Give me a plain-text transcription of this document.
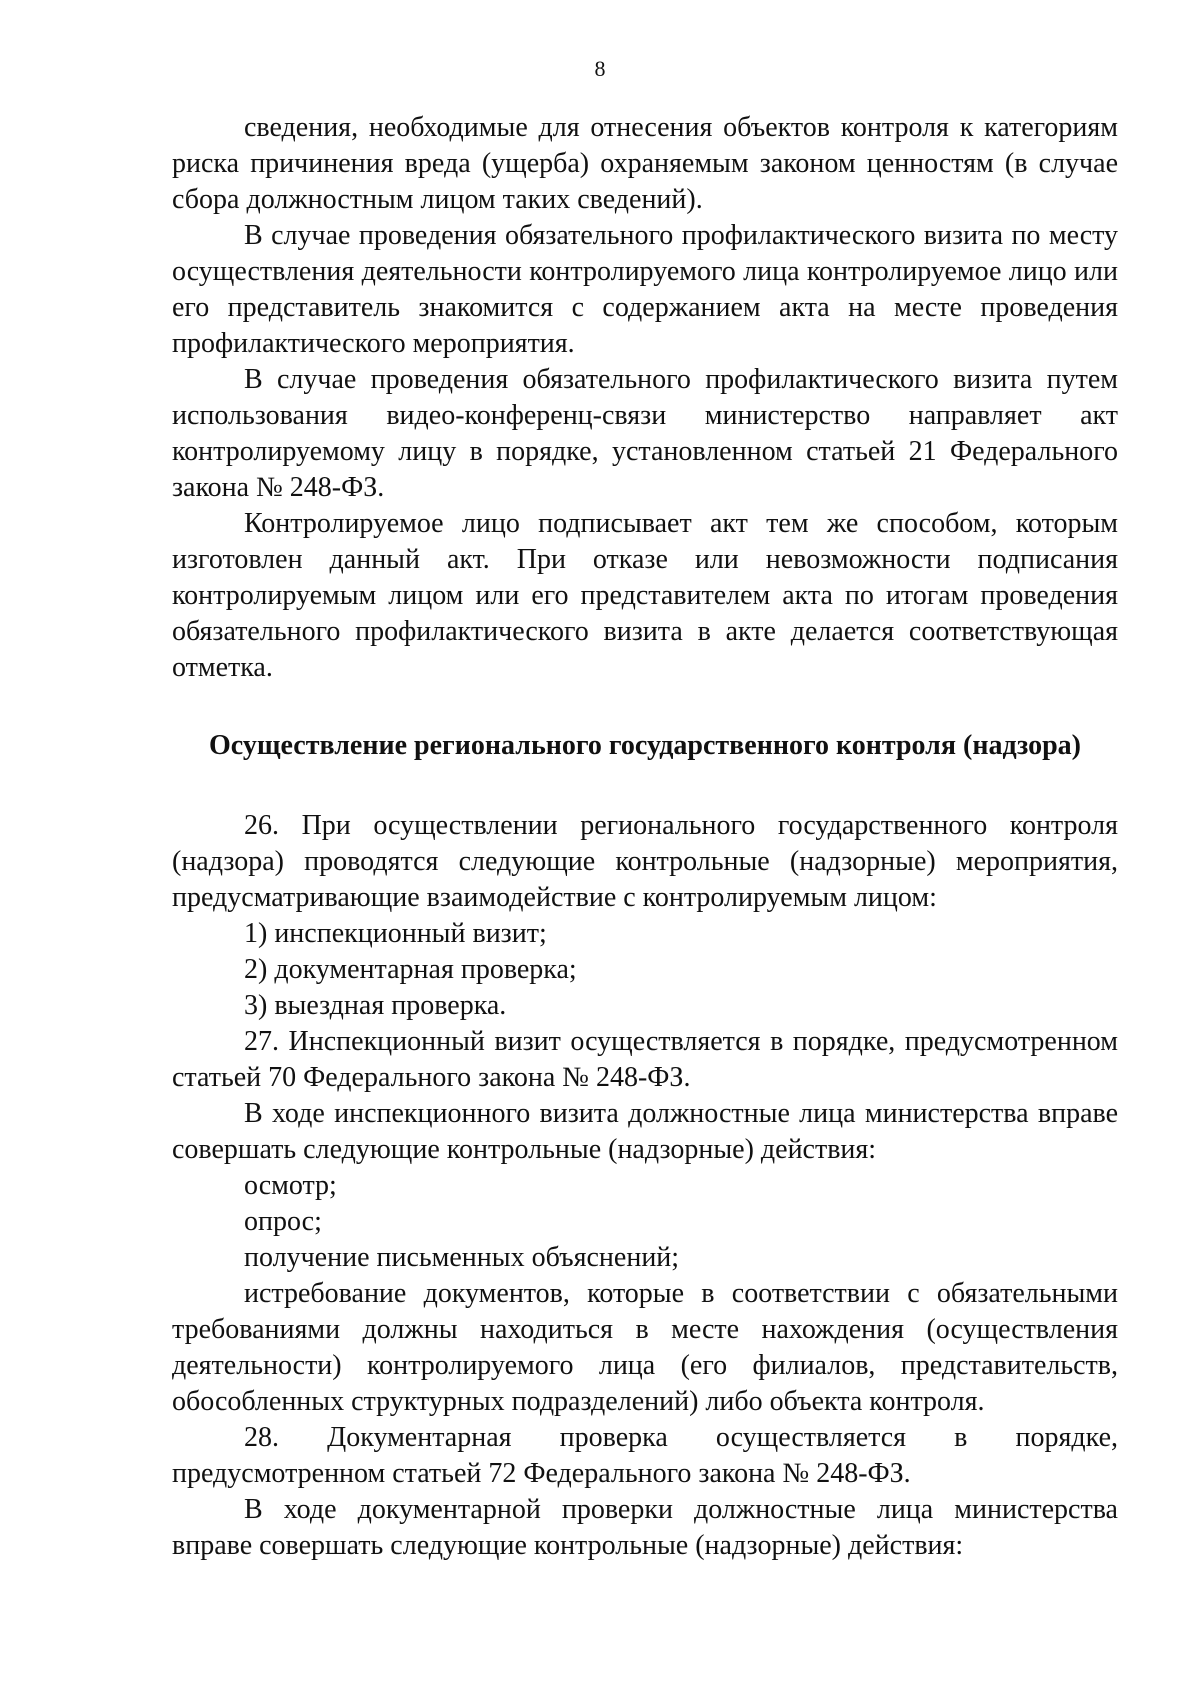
8

сведения, необходимые для отнесения объектов контроля к категориям риска причинения вреда (ущерба) охраняемым законом ценностям (в случае сбора должностным лицом таких сведений).

В случае проведения обязательного профилактического визита по месту осуществления деятельности контролируемого лица контролируемое лицо или его представитель знакомится с содержанием акта на месте проведения профилактического мероприятия.

В случае проведения обязательного профилактического визита путем использования видео-конференц-связи министерство направляет акт контролируемому лицу в порядке, установленном статьей 21 Федерального закона № 248-ФЗ.

Контролируемое лицо подписывает акт тем же способом, которым изготовлен данный акт. При отказе или невозможности подписания контролируемым лицом или его представителем акта по итогам проведения обязательного профилактического визита в акте делается соответствующая отметка.

Осуществление регионального государственного контроля (надзора)

26. При осуществлении регионального государственного контроля (надзора) проводятся следующие контрольные (надзорные) мероприятия, предусматривающие взаимодействие с контролируемым лицом:

1) инспекционный визит;

2) документарная проверка;

3) выездная проверка.

27. Инспекционный визит осуществляется в порядке, предусмотренном статьей 70 Федерального закона № 248-ФЗ.

В ходе инспекционного визита должностные лица министерства вправе совершать следующие контрольные (надзорные) действия:

осмотр;

опрос;

получение письменных объяснений;

истребование документов, которые в соответствии с обязательными требованиями должны находиться в месте нахождения (осуществления деятельности) контролируемого лица (его филиалов, представительств, обособленных структурных подразделений) либо объекта контроля.

28. Документарная проверка осуществляется в порядке, предусмотренном статьей 72 Федерального закона № 248-ФЗ.

В ходе документарной проверки должностные лица министерства вправе совершать следующие контрольные (надзорные) действия:
